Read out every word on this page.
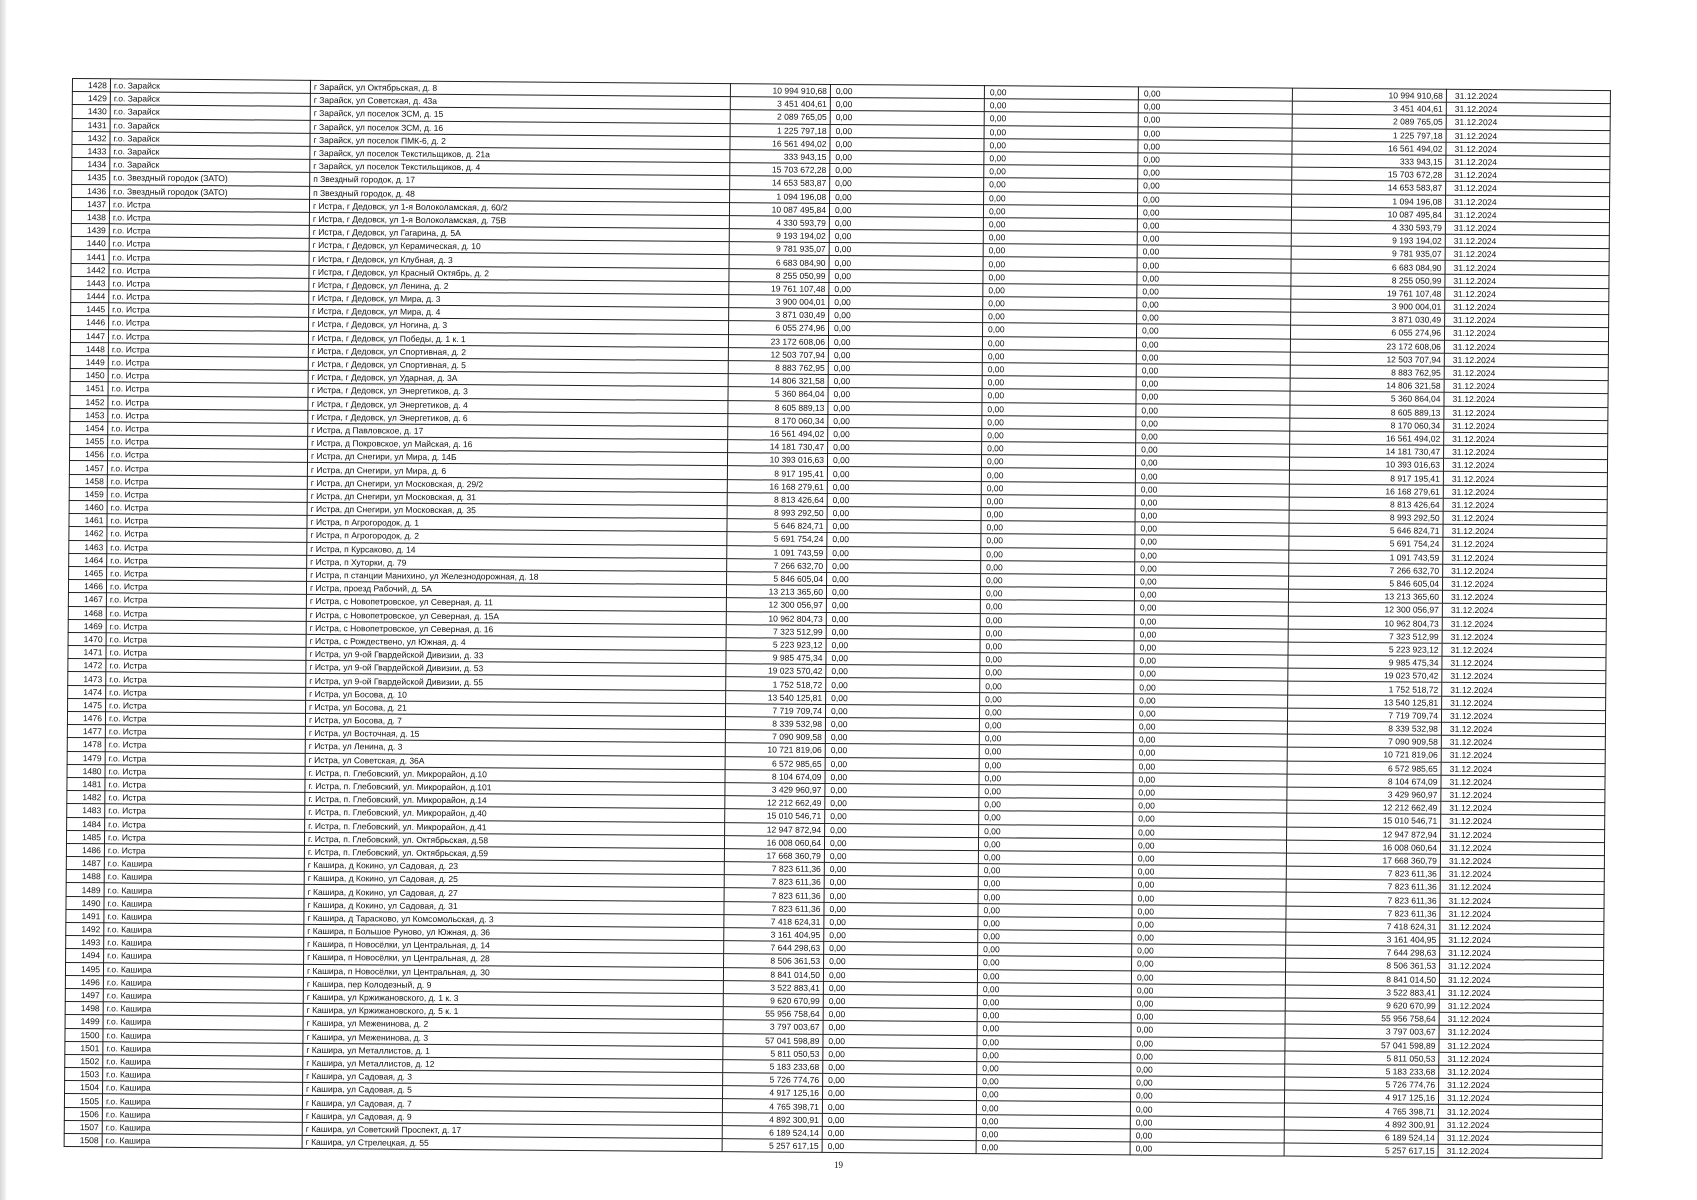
1428	г.о. Зарайск	г Зарайск, ул Октябрьская, д. 8	10 994 910,68	0,00	0,00	0,00	10 994 910,68	31.12.2024
1429	г.о. Зарайск	г Зарайск, ул Советская, д. 43а	3 451 404,61	0,00	0,00	0,00	3 451 404,61	31.12.2024
1430	г.о. Зарайск	г Зарайск, ул поселок ЗСМ, д. 15	2 089 765,05	0,00	0,00	0,00	2 089 765,05	31.12.2024
1431	г.о. Зарайск	г Зарайск, ул поселок ЗСМ, д. 16	1 225 797,18	0,00	0,00	0,00	1 225 797,18	31.12.2024
1432	г.о. Зарайск	г Зарайск, ул поселок ПМК-6, д. 2	16 561 494,02	0,00	0,00	0,00	16 561 494,02	31.12.2024
1433	г.о. Зарайск	г Зарайск, ул поселок Текстильщиков, д. 21а	333 943,15	0,00	0,00	0,00	333 943,15	31.12.2024
1434	г.о. Зарайск	г Зарайск, ул поселок Текстильщиков, д. 4	15 703 672,28	0,00	0,00	0,00	15 703 672,28	31.12.2024
1435	г.о. Звездный городок (ЗАТО)	п Звездный городок, д. 17	14 653 583,87	0,00	0,00	0,00	14 653 583,87	31.12.2024
1436	г.о. Звездный городок (ЗАТО)	п Звездный городок, д. 48	1 094 196,08	0,00	0,00	0,00	1 094 196,08	31.12.2024
1437	г.о. Истра	г Истра, г Дедовск, ул 1-я Волоколамская, д. 60/2	10 087 495,84	0,00	0,00	0,00	10 087 495,84	31.12.2024
1438	г.о. Истра	г Истра, г Дедовск, ул 1-я Волоколамская, д. 75В	4 330 593,79	0,00	0,00	0,00	4 330 593,79	31.12.2024
1439	г.о. Истра	г Истра, г Дедовск, ул Гагарина, д. 5А	9 193 194,02	0,00	0,00	0,00	9 193 194,02	31.12.2024
1440	г.о. Истра	г Истра, г Дедовск, ул Керамическая, д. 10	9 781 935,07	0,00	0,00	0,00	9 781 935,07	31.12.2024
1441	г.о. Истра	г Истра, г Дедовск, ул Клубная, д. 3	6 683 084,90	0,00	0,00	0,00	6 683 084,90	31.12.2024
1442	г.о. Истра	г Истра, г Дедовск, ул Красный Октябрь, д. 2	8 255 050,99	0,00	0,00	0,00	8 255 050,99	31.12.2024
1443	г.о. Истра	г Истра, г Дедовск, ул Ленина, д. 2	19 761 107,48	0,00	0,00	0,00	19 761 107,48	31.12.2024
1444	г.о. Истра	г Истра, г Дедовск, ул Мира, д. 3	3 900 004,01	0,00	0,00	0,00	3 900 004,01	31.12.2024
1445	г.о. Истра	г Истра, г Дедовск, ул Мира, д. 4	3 871 030,49	0,00	0,00	0,00	3 871 030,49	31.12.2024
1446	г.о. Истра	г Истра, г Дедовск, ул Ногина, д. 3	6 055 274,96	0,00	0,00	0,00	6 055 274,96	31.12.2024
1447	г.о. Истра	г Истра, г Дедовск, ул Победы, д. 1 к. 1	23 172 608,06	0,00	0,00	0,00	23 172 608,06	31.12.2024
1448	г.о. Истра	г Истра, г Дедовск, ул Спортивная, д. 2	12 503 707,94	0,00	0,00	0,00	12 503 707,94	31.12.2024
1449	г.о. Истра	г Истра, г Дедовск, ул Спортивная, д. 5	8 883 762,95	0,00	0,00	0,00	8 883 762,95	31.12.2024
1450	г.о. Истра	г Истра, г Дедовск, ул Ударная, д. 3А	14 806 321,58	0,00	0,00	0,00	14 806 321,58	31.12.2024
1451	г.о. Истра	г Истра, г Дедовск, ул Энергетиков, д. 3	5 360 864,04	0,00	0,00	0,00	5 360 864,04	31.12.2024
1452	г.о. Истра	г Истра, г Дедовск, ул Энергетиков, д. 4	8 605 889,13	0,00	0,00	0,00	8 605 889,13	31.12.2024
1453	г.о. Истра	г Истра, г Дедовск, ул Энергетиков, д. 6	8 170 060,34	0,00	0,00	0,00	8 170 060,34	31.12.2024
1454	г.о. Истра	г Истра, д Павловское, д. 17	16 561 494,02	0,00	0,00	0,00	16 561 494,02	31.12.2024
1455	г.о. Истра	г Истра, д Покровское, ул Майская, д. 16	14 181 730,47	0,00	0,00	0,00	14 181 730,47	31.12.2024
1456	г.о. Истра	г Истра, дп Снегири, ул Мира, д. 14Б	10 393 016,63	0,00	0,00	0,00	10 393 016,63	31.12.2024
1457	г.о. Истра	г Истра, дп Снегири, ул Мира, д. 6	8 917 195,41	0,00	0,00	0,00	8 917 195,41	31.12.2024
1458	г.о. Истра	г Истра, дп Снегири, ул Московская, д. 29/2	16 168 279,61	0,00	0,00	0,00	16 168 279,61	31.12.2024
1459	г.о. Истра	г Истра, дп Снегири, ул Московская, д. 31	8 813 426,64	0,00	0,00	0,00	8 813 426,64	31.12.2024
1460	г.о. Истра	г Истра, дп Снегири, ул Московская, д. 35	8 993 292,50	0,00	0,00	0,00	8 993 292,50	31.12.2024
1461	г.о. Истра	г Истра, п Агрогородок, д. 1	5 646 824,71	0,00	0,00	0,00	5 646 824,71	31.12.2024
1462	г.о. Истра	г Истра, п Агрогородок, д. 2	5 691 754,24	0,00	0,00	0,00	5 691 754,24	31.12.2024
1463	г.о. Истра	г Истра, п Курсаково, д. 14	1 091 743,59	0,00	0,00	0,00	1 091 743,59	31.12.2024
1464	г.о. Истра	г Истра, п Хуторки, д. 79	7 266 632,70	0,00	0,00	0,00	7 266 632,70	31.12.2024
1465	г.о. Истра	г Истра, п станции Манихино, ул Железнодорожная, д. 18	5 846 605,04	0,00	0,00	0,00	5 846 605,04	31.12.2024
1466	г.о. Истра	г Истра, проезд Рабочий, д. 5А	13 213 365,60	0,00	0,00	0,00	13 213 365,60	31.12.2024
1467	г.о. Истра	г Истра, с Новопетровское, ул Северная, д. 11	12 300 056,97	0,00	0,00	0,00	12 300 056,97	31.12.2024
1468	г.о. Истра	г Истра, с Новопетровское, ул Северная, д. 15А	10 962 804,73	0,00	0,00	0,00	10 962 804,73	31.12.2024
1469	г.о. Истра	г Истра, с Новопетровское, ул Северная, д. 16	7 323 512,99	0,00	0,00	0,00	7 323 512,99	31.12.2024
1470	г.о. Истра	г Истра, с Рождествено, ул Южная, д. 4	5 223 923,12	0,00	0,00	0,00	5 223 923,12	31.12.2024
1471	г.о. Истра	г Истра, ул 9-ой Гвардейской Дивизии, д. 33	9 985 475,34	0,00	0,00	0,00	9 985 475,34	31.12.2024
1472	г.о. Истра	г Истра, ул 9-ой Гвардейской Дивизии, д. 53	19 023 570,42	0,00	0,00	0,00	19 023 570,42	31.12.2024
1473	г.о. Истра	г Истра, ул 9-ой Гвардейской Дивизии, д. 55	1 752 518,72	0,00	0,00	0,00	1 752 518,72	31.12.2024
1474	г.о. Истра	г Истра, ул Босова, д. 10	13 540 125,81	0,00	0,00	0,00	13 540 125,81	31.12.2024
1475	г.о. Истра	г Истра, ул Босова, д. 21	7 719 709,74	0,00	0,00	0,00	7 719 709,74	31.12.2024
1476	г.о. Истра	г Истра, ул Босова, д. 7	8 339 532,98	0,00	0,00	0,00	8 339 532,98	31.12.2024
1477	г.о. Истра	г Истра, ул Восточная, д. 15	7 090 909,58	0,00	0,00	0,00	7 090 909,58	31.12.2024
1478	г.о. Истра	г Истра, ул Ленина, д. 3	10 721 819,06	0,00	0,00	0,00	10 721 819,06	31.12.2024
1479	г.о. Истра	г Истра, ул Советская, д. 36А	6 572 985,65	0,00	0,00	0,00	6 572 985,65	31.12.2024
1480	г.о. Истра	г. Истра, п. Глебовский, ул. Микрорайон, д.10	8 104 674,09	0,00	0,00	0,00	8 104 674,09	31.12.2024
1481	г.о. Истра	г. Истра, п. Глебовский, ул. Микрорайон, д.101	3 429 960,97	0,00	0,00	0,00	3 429 960,97	31.12.2024
1482	г.о. Истра	г. Истра, п. Глебовский, ул. Микрорайон, д.14	12 212 662,49	0,00	0,00	0,00	12 212 662,49	31.12.2024
1483	г.о. Истра	г. Истра, п. Глебовский, ул. Микрорайон, д.40	15 010 546,71	0,00	0,00	0,00	15 010 546,71	31.12.2024
1484	г.о. Истра	г. Истра, п. Глебовский, ул. Микрорайон, д.41	12 947 872,94	0,00	0,00	0,00	12 947 872,94	31.12.2024
1485	г.о. Истра	г. Истра, п. Глебовский, ул. Октябрьская, д.58	16 008 060,64	0,00	0,00	0,00	16 008 060,64	31.12.2024
1486	г.о. Истра	г. Истра, п. Глебовский, ул. Октябрьская, д.59	17 668 360,79	0,00	0,00	0,00	17 668 360,79	31.12.2024
1487	г.о. Кашира	г Кашира, д Кокино, ул Садовая, д. 23	7 823 611,36	0,00	0,00	0,00	7 823 611,36	31.12.2024
1488	г.о. Кашира	г Кашира, д Кокино, ул Садовая, д. 25	7 823 611,36	0,00	0,00	0,00	7 823 611,36	31.12.2024
1489	г.о. Кашира	г Кашира, д Кокино, ул Садовая, д. 27	7 823 611,36	0,00	0,00	0,00	7 823 611,36	31.12.2024
1490	г.о. Кашира	г Кашира, д Кокино, ул Садовая, д. 31	7 823 611,36	0,00	0,00	0,00	7 823 611,36	31.12.2024
1491	г.о. Кашира	г Кашира, д Тарасково, ул Комсомольская, д. 3	7 418 624,31	0,00	0,00	0,00	7 418 624,31	31.12.2024
1492	г.о. Кашира	г Кашира, п Большое Руново, ул Южная, д. 36	3 161 404,95	0,00	0,00	0,00	3 161 404,95	31.12.2024
1493	г.о. Кашира	г Кашира, п Новосёлки, ул Центральная, д. 14	7 644 298,63	0,00	0,00	0,00	7 644 298,63	31.12.2024
1494	г.о. Кашира	г Кашира, п Новосёлки, ул Центральная, д. 28	8 506 361,53	0,00	0,00	0,00	8 506 361,53	31.12.2024
1495	г.о. Кашира	г Кашира, п Новосёлки, ул Центральная, д. 30	8 841 014,50	0,00	0,00	0,00	8 841 014,50	31.12.2024
1496	г.о. Кашира	г Кашира, пер Колодезный, д. 9	3 522 883,41	0,00	0,00	0,00	3 522 883,41	31.12.2024
1497	г.о. Кашира	г Кашира, ул Кржижановского, д. 1 к. 3	9 620 670,99	0,00	0,00	0,00	9 620 670,99	31.12.2024
1498	г.о. Кашира	г Кашира, ул Кржижановского, д. 5 к. 1	55 956 758,64	0,00	0,00	0,00	55 956 758,64	31.12.2024
1499	г.о. Кашира	г Кашира, ул Меженинова, д. 2	3 797 003,67	0,00	0,00	0,00	3 797 003,67	31.12.2024
1500	г.о. Кашира	г Кашира, ул Меженинова, д. 3	57 041 598,89	0,00	0,00	0,00	57 041 598,89	31.12.2024
1501	г.о. Кашира	г Кашира, ул Металлистов, д. 1	5 811 050,53	0,00	0,00	0,00	5 811 050,53	31.12.2024
1502	г.о. Кашира	г Кашира, ул Металлистов, д. 12	5 183 233,68	0,00	0,00	0,00	5 183 233,68	31.12.2024
1503	г.о. Кашира	г Кашира, ул Садовая, д. 3	5 726 774,76	0,00	0,00	0,00	5 726 774,76	31.12.2024
1504	г.о. Кашира	г Кашира, ул Садовая, д. 5	4 917 125,16	0,00	0,00	0,00	4 917 125,16	31.12.2024
1505	г.о. Кашира	г Кашира, ул Садовая, д. 7	4 765 398,71	0,00	0,00	0,00	4 765 398,71	31.12.2024
1506	г.о. Кашира	г Кашира, ул Садовая, д. 9	4 892 300,91	0,00	0,00	0,00	4 892 300,91	31.12.2024
1507	г.о. Кашира	г Кашира, ул Советский Проспект, д. 17	6 189 524,14	0,00	0,00	0,00	6 189 524,14	31.12.2024
1508	г.о. Кашира	г Кашира, ул Стрелецкая, д. 55	5 257 617,15	0,00	0,00	0,00	5 257 617,15	31.12.2024
19
